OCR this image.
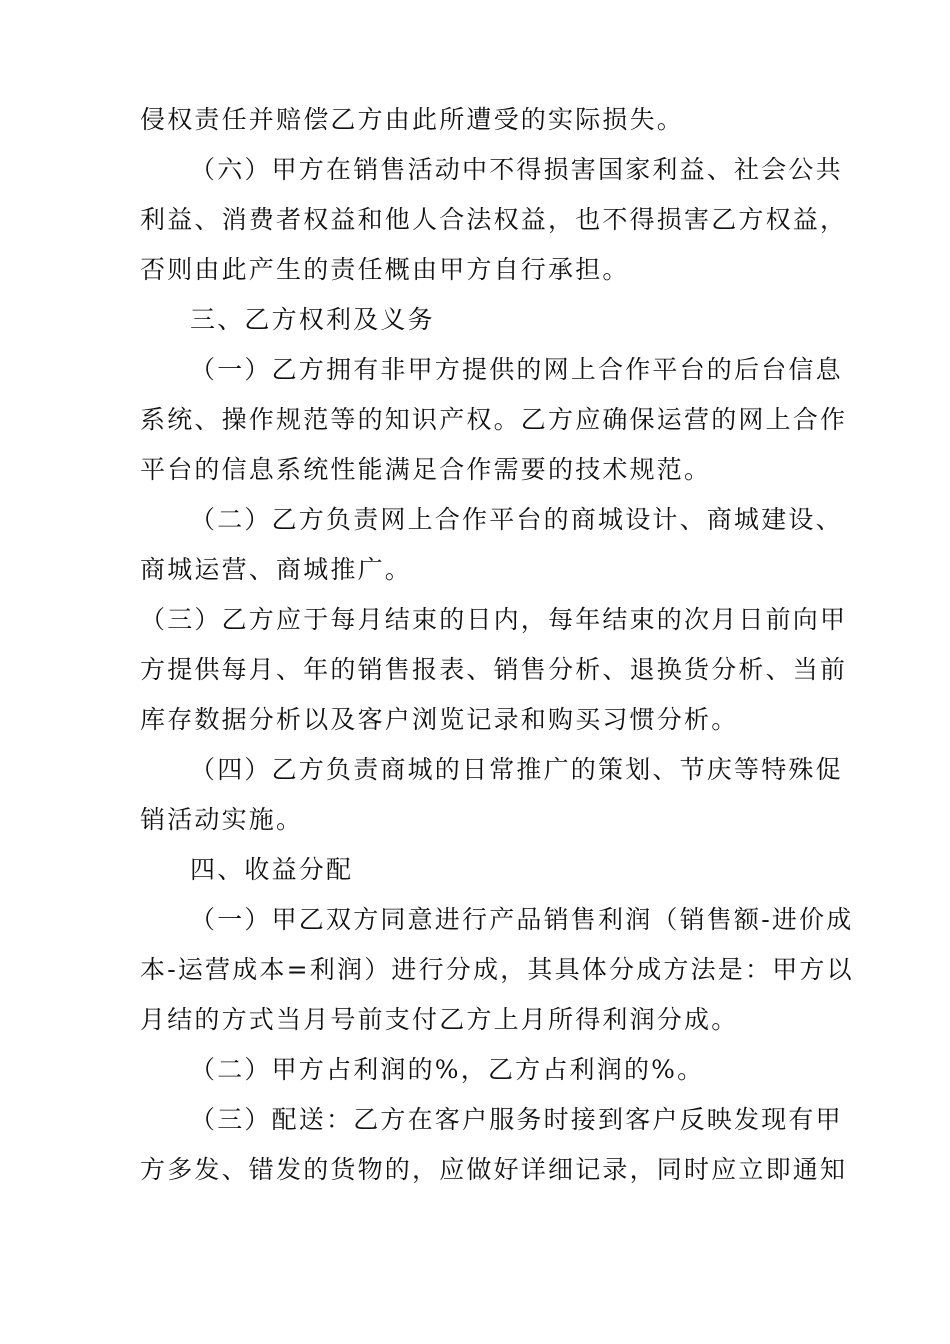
侵权责任并赔偿乙方由此所遭受的实际损失。
（六）甲方在销售活动中不得损害国家利益、社会公共
利益、消费者权益和他人合法权益，也不得损害乙方权益，
否则由此产生的责任概由甲方自行承担。
三、乙方权利及义务
（一）乙方拥有非甲方提供的网上合作平台的后台信息
系统、操作规范等的知识产权。乙方应确保运营的网上合作
平台的信息系统性能满足合作需要的技术规范。
（二）乙方负责网上合作平台的商城设计、商城建设、
商城运营、商城推广。
（三）乙方应于每月结束的日内，每年结束的次月日前向甲
方提供每月、年的销售报表、销售分析、退换货分析、当前
库存数据分析以及客户浏览记录和购买习惯分析。
（四）乙方负责商城的日常推广的策划、节庆等特殊促
销活动实施。
四、收益分配
（一）甲乙双方同意进行产品销售利润（销售额-进价成
本-运营成本=利润）进行分成，其具体分成方法是：甲方以
月结的方式当月号前支付乙方上月所得利润分成。
（二）甲方占利润的%，乙方占利润的%。
（三）配送：乙方在客户服务时接到客户反映发现有甲
方多发、错发的货物的，应做好详细记录，同时应立即通知
